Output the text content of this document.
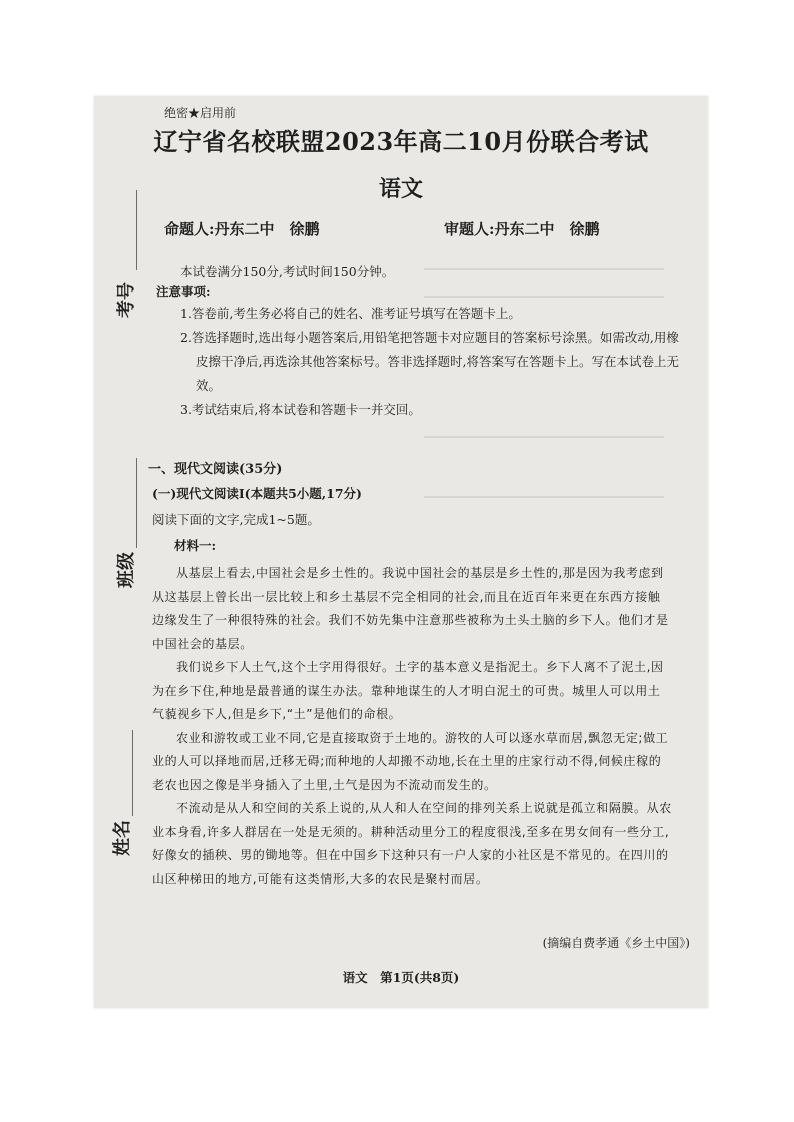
绝密★启用前
辽宁省名校联盟2023年高二10月份联合考试
语文
命题人:丹东二中　徐鹏	审题人:丹东二中　徐鹏
本试卷满分150分,考试时间150分钟。
注意事项:
1.答卷前,考生务必将自己的姓名、准考证号填写在答题卡上。
2.答选择题时,选出每小题答案后,用铅笔把答题卡对应题目的答案标号涂黑。如需改动,用橡皮擦干净后,再选涂其他答案标号。答非选择题时,将答案写在答题卡上。写在本试卷上无效。
3.考试结束后,将本试卷和答题卡一并交回。
一、现代文阅读(35分)
(一)现代文阅读Ⅰ(本题共5小题,17分)
阅读下面的文字,完成1~5题。
材料一:

从基层上看去,中国社会是乡土性的。我说中国社会的基层是乡土性的,那是因为我考虑到从这基层上曾长出一层比较上和乡土基层不完全相同的社会,而且在近百年来更在东西方接触边缘发生了一种很特殊的社会。我们不妨先集中注意那些被称为土头土脑的乡下人。他们才是中国社会的基层。

我们说乡下人土气,这个土字用得很好。土字的基本意义是指泥土。乡下人离不了泥土,因为在乡下住,种地是最普通的谋生办法。靠种地谋生的人才明白泥土的可贵。城里人可以用土气藐视乡下人,但是乡下,“土”是他们的命根。

农业和游牧或工业不同,它是直接取资于土地的。游牧的人可以逐水草而居,飘忽无定;做工业的人可以择地而居,迁移无碍;而种地的人却搬不动地,长在土里的庄家行动不得,伺候庄稼的老农也因之像是半身插入了土里,土气是因为不流动而发生的。

不流动是从人和空间的关系上说的,从人和人在空间的排列关系上说就是孤立和隔膜。从农业本身看,许多人群居在一处是无须的。耕种活动里分工的程度很浅,至多在男女间有一些分工,好像女的插秧、男的锄地等。但在中国乡下这种只有一户人家的小社区是不常见的。在四川的山区种梯田的地方,可能有这类情形,大多的农民是聚村而居。

(摘编自费孝通《乡土中国》)
语文　第1页(共8页)
考号
班级
姓名
